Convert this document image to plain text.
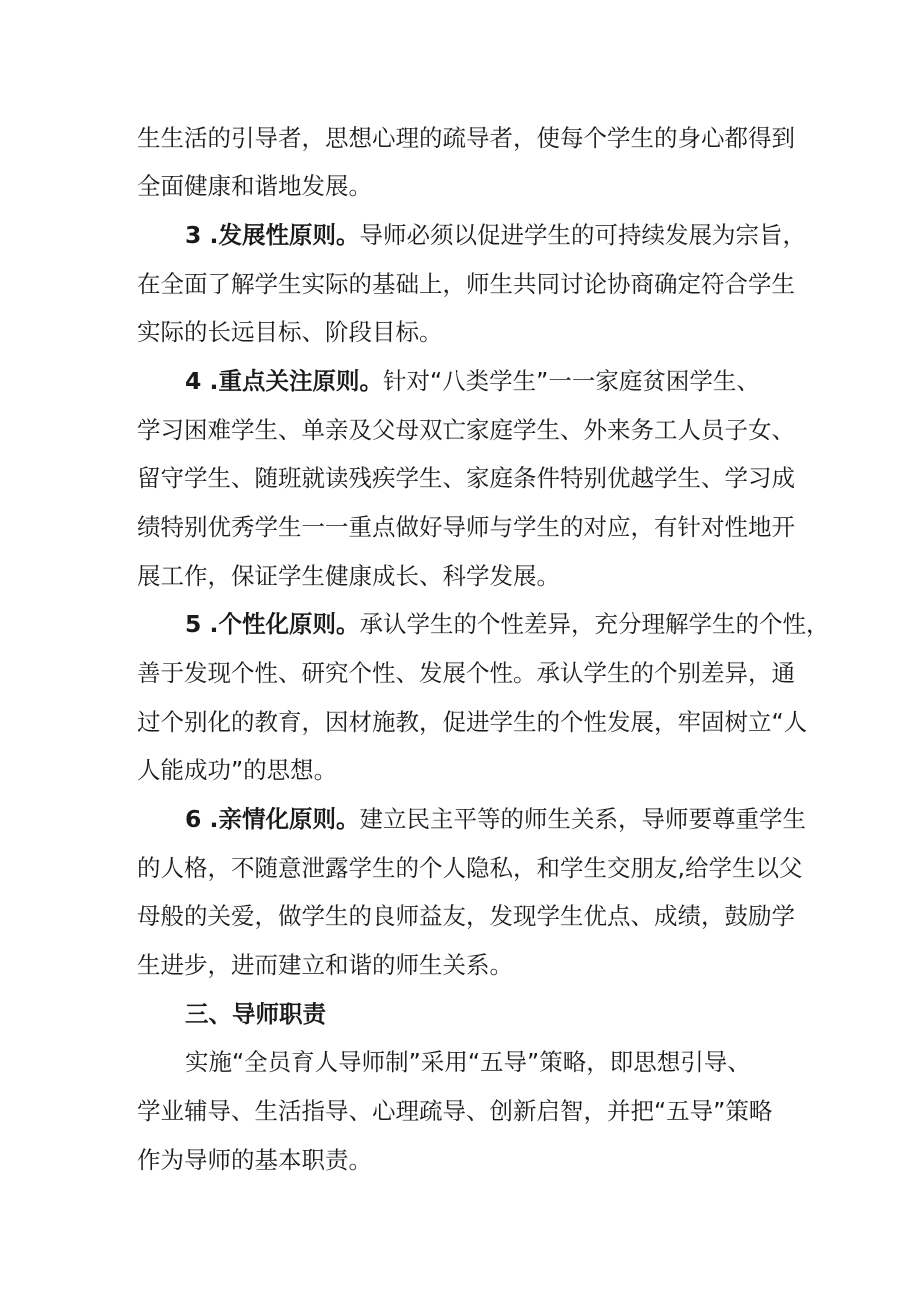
生生活的引导者，思想心理的疏导者，使每个学生的身心都得到
全面健康和谐地发展。
3 .发展性原则。导师必须以促进学生的可持续发展为宗旨，
在全面了解学生实际的基础上，师生共同讨论协商确定符合学生
实际的长远目标、阶段目标。
4 .重点关注原则。针对“八类学生”一一家庭贫困学生、
学习困难学生、单亲及父母双亡家庭学生、外来务工人员子女、
留守学生、随班就读残疾学生、家庭条件特别优越学生、学习成
绩特别优秀学生一一重点做好导师与学生的对应，有针对性地开
展工作，保证学生健康成长、科学发展。
5 .个性化原则。承认学生的个性差异，充分理解学生的个性，
善于发现个性、研究个性、发展个性。承认学生的个别差异，通
过个别化的教育，因材施教，促进学生的个性发展，牢固树立“人
人能成功”的思想。
6 .亲情化原则。建立民主平等的师生关系，导师要尊重学生
的人格，不随意泄露学生的个人隐私，和学生交朋友,给学生以父
母般的关爱，做学生的良师益友，发现学生优点、成绩，鼓励学
生进步，进而建立和谐的师生关系。
三、导师职责
实施“全员育人导师制”采用“五导”策略，即思想引导、
学业辅导、生活指导、心理疏导、创新启智，并把“五导”策略
作为导师的基本职责。
